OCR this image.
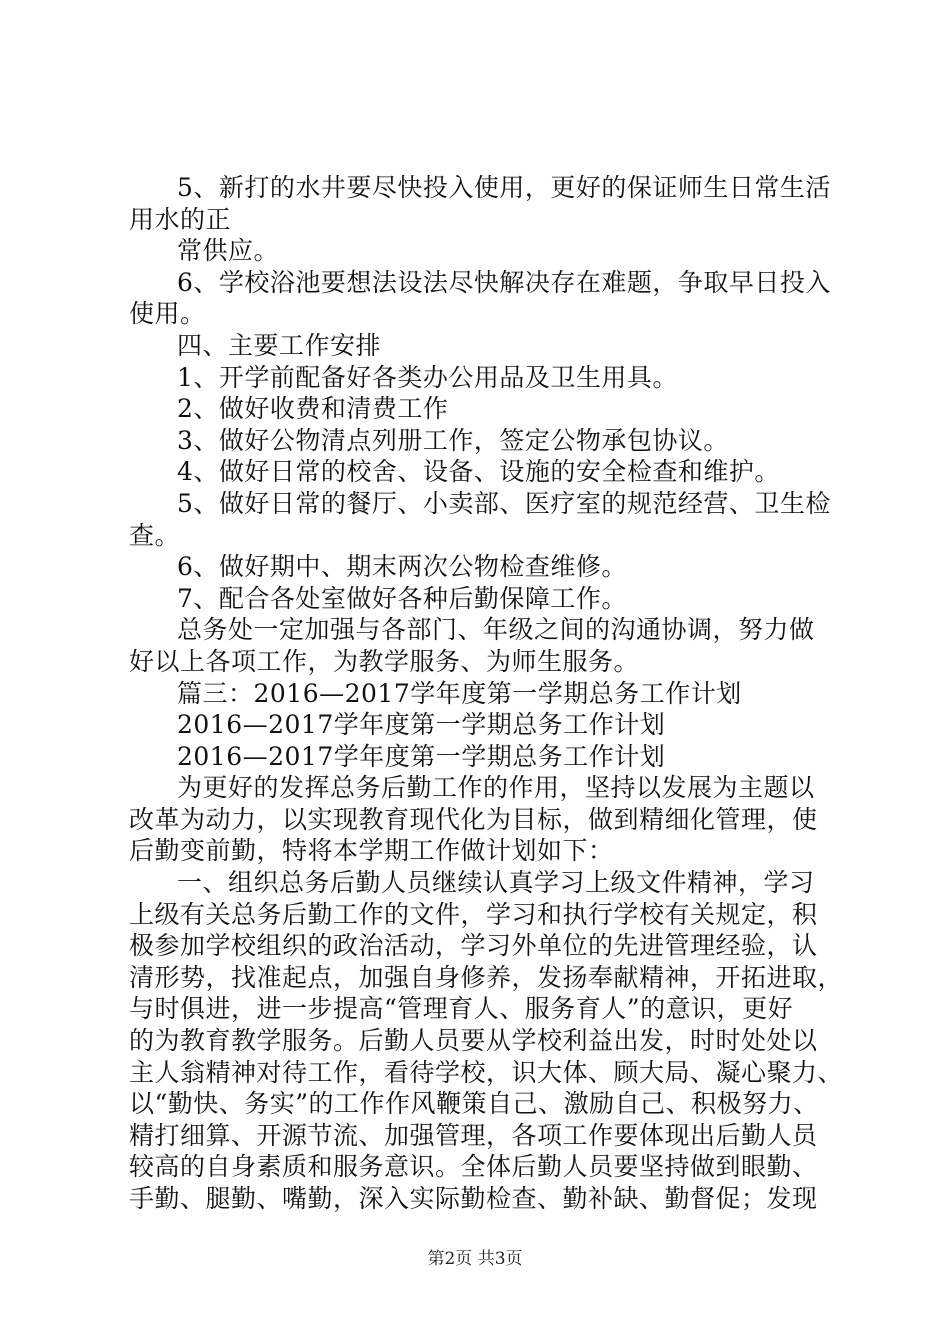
5、新打的水井要尽快投入使用，更好的保证师生日常生活
用水的正
常供应。
6、学校浴池要想法设法尽快解决存在难题，争取早日投入
使用。
四、主要工作安排
1、开学前配备好各类办公用品及卫生用具。
2、做好收费和清费工作
3、做好公物清点列册工作，签定公物承包协议。
4、做好日常的校舍、设备、设施的安全检查和维护。
5、做好日常的餐厅、小卖部、医疗室的规范经营、卫生检
查。
6、做好期中、期末两次公物检查维修。
7、配合各处室做好各种后勤保障工作。
总务处一定加强与各部门、年级之间的沟通协调，努力做
好以上各项工作，为教学服务、为师生服务。
篇三：2016—2017学年度第一学期总务工作计划
2016—2017学年度第一学期总务工作计划
2016—2017学年度第一学期总务工作计划
为更好的发挥总务后勤工作的作用，坚持以发展为主题以
改革为动力，以实现教育现代化为目标，做到精细化管理，使
后勤变前勤，特将本学期工作做计划如下：
一、组织总务后勤人员继续认真学习上级文件精神，学习
上级有关总务后勤工作的文件，学习和执行学校有关规定，积
极参加学校组织的政治活动，学习外单位的先进管理经验，认
清形势，找准起点，加强自身修养，发扬奉献精神，开拓进取，
与时俱进，进一步提高“管理育人、服务育人”的意识，更好
的为教育教学服务。后勤人员要从学校利益出发，时时处处以
主人翁精神对待工作，看待学校，识大体、顾大局、凝心聚力、
以“勤快、务实”的工作作风鞭策自己、激励自己、积极努力、
精打细算、开源节流、加强管理，各项工作要体现出后勤人员
较高的自身素质和服务意识。全体后勤人员要坚持做到眼勤、
手勤、腿勤、嘴勤，深入实际勤检查、勤补缺、勤督促；发现
第2页 共3页
